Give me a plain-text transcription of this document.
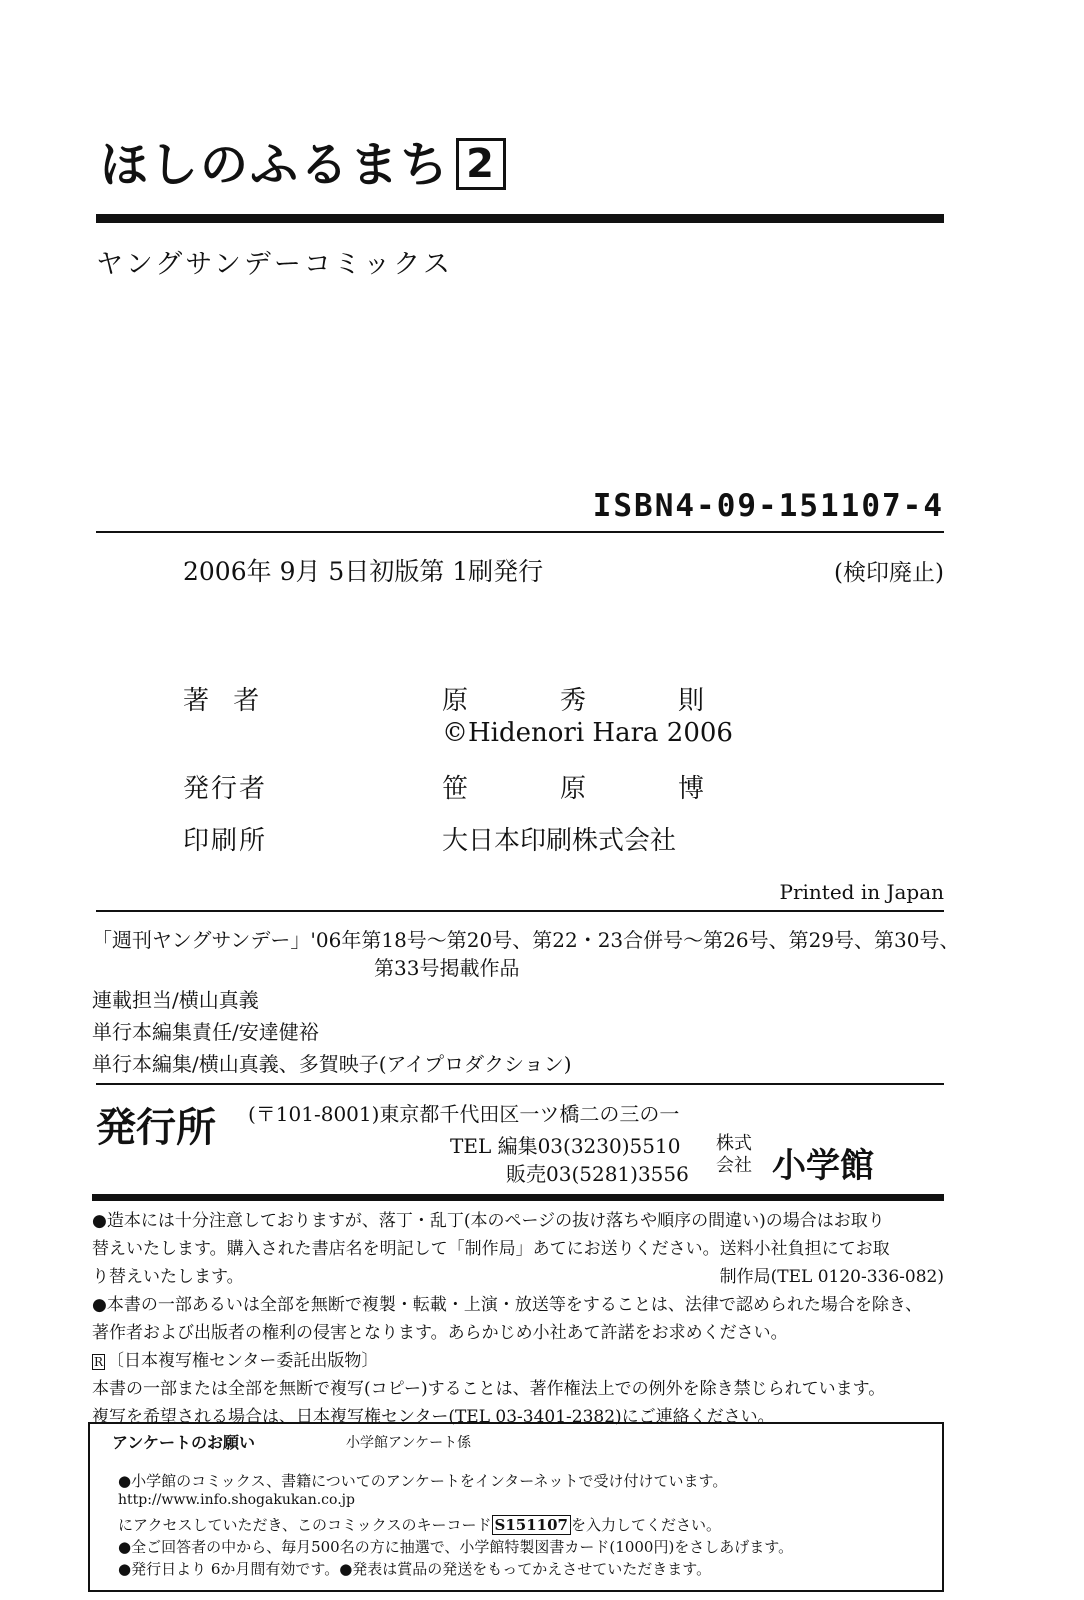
ほしのふるまち 2
ヤングサンデーコミックス
ISBN4-09-151107-4
2006年 9月 5日初版第 1刷発行	(検印廃止)
著 者	原	秀	則
©Hidenori Hara 2006
発行者	笹	原	博
印刷所	大日本印刷株式会社
Printed in Japan
「週刊ヤングサンデー」'06年第18号〜第20号、第22・23合併号〜第26号、第29号、第30号、
第33号掲載作品
連載担当/横山真義
単行本編集責任/安達健裕
単行本編集/横山真義、多賀映子(アイプロダクション)
発行所 (〒101-8001)東京都千代田区一ツ橋二の三の一
TEL 編集03(3230)5510
販売03(5281)3556
株式
会社 小学館
●造本には十分注意しておりますが、落丁・乱丁(本のページの抜け落ちや順序の間違い)の場合はお取り
替えいたします。購入された書店名を明記して「制作局」あてにお送りください。送料小社負担にてお取
り替えいたします。	制作局(TEL 0120-336-082)
●本書の一部あるいは全部を無断で複製・転載・上演・放送等をすることは、法律で認められた場合を除き、
著作者および出版者の権利の侵害となります。あらかじめ小社あて許諾をお求めください。
R 〔日本複写権センター委託出版物〕
本書の一部または全部を無断で複写(コピー)することは、著作権法上での例外を除き禁じられています。
複写を希望される場合は、日本複写権センター(TEL 03-3401-2382)にご連絡ください。
アンケートのお願い	小学館アンケート係
●小学館のコミックス、書籍についてのアンケートをインターネットで受け付けています。
http://www.info.shogakukan.co.jp
にアクセスしていただき、このコミックスのキーコード S151107 を入力してください。
●全ご回答者の中から、毎月500名の方に抽選で、小学館特製図書カード(1000円)をさしあげます。
●発行日より 6か月間有効です。●発表は賞品の発送をもってかえさせていただきます。
